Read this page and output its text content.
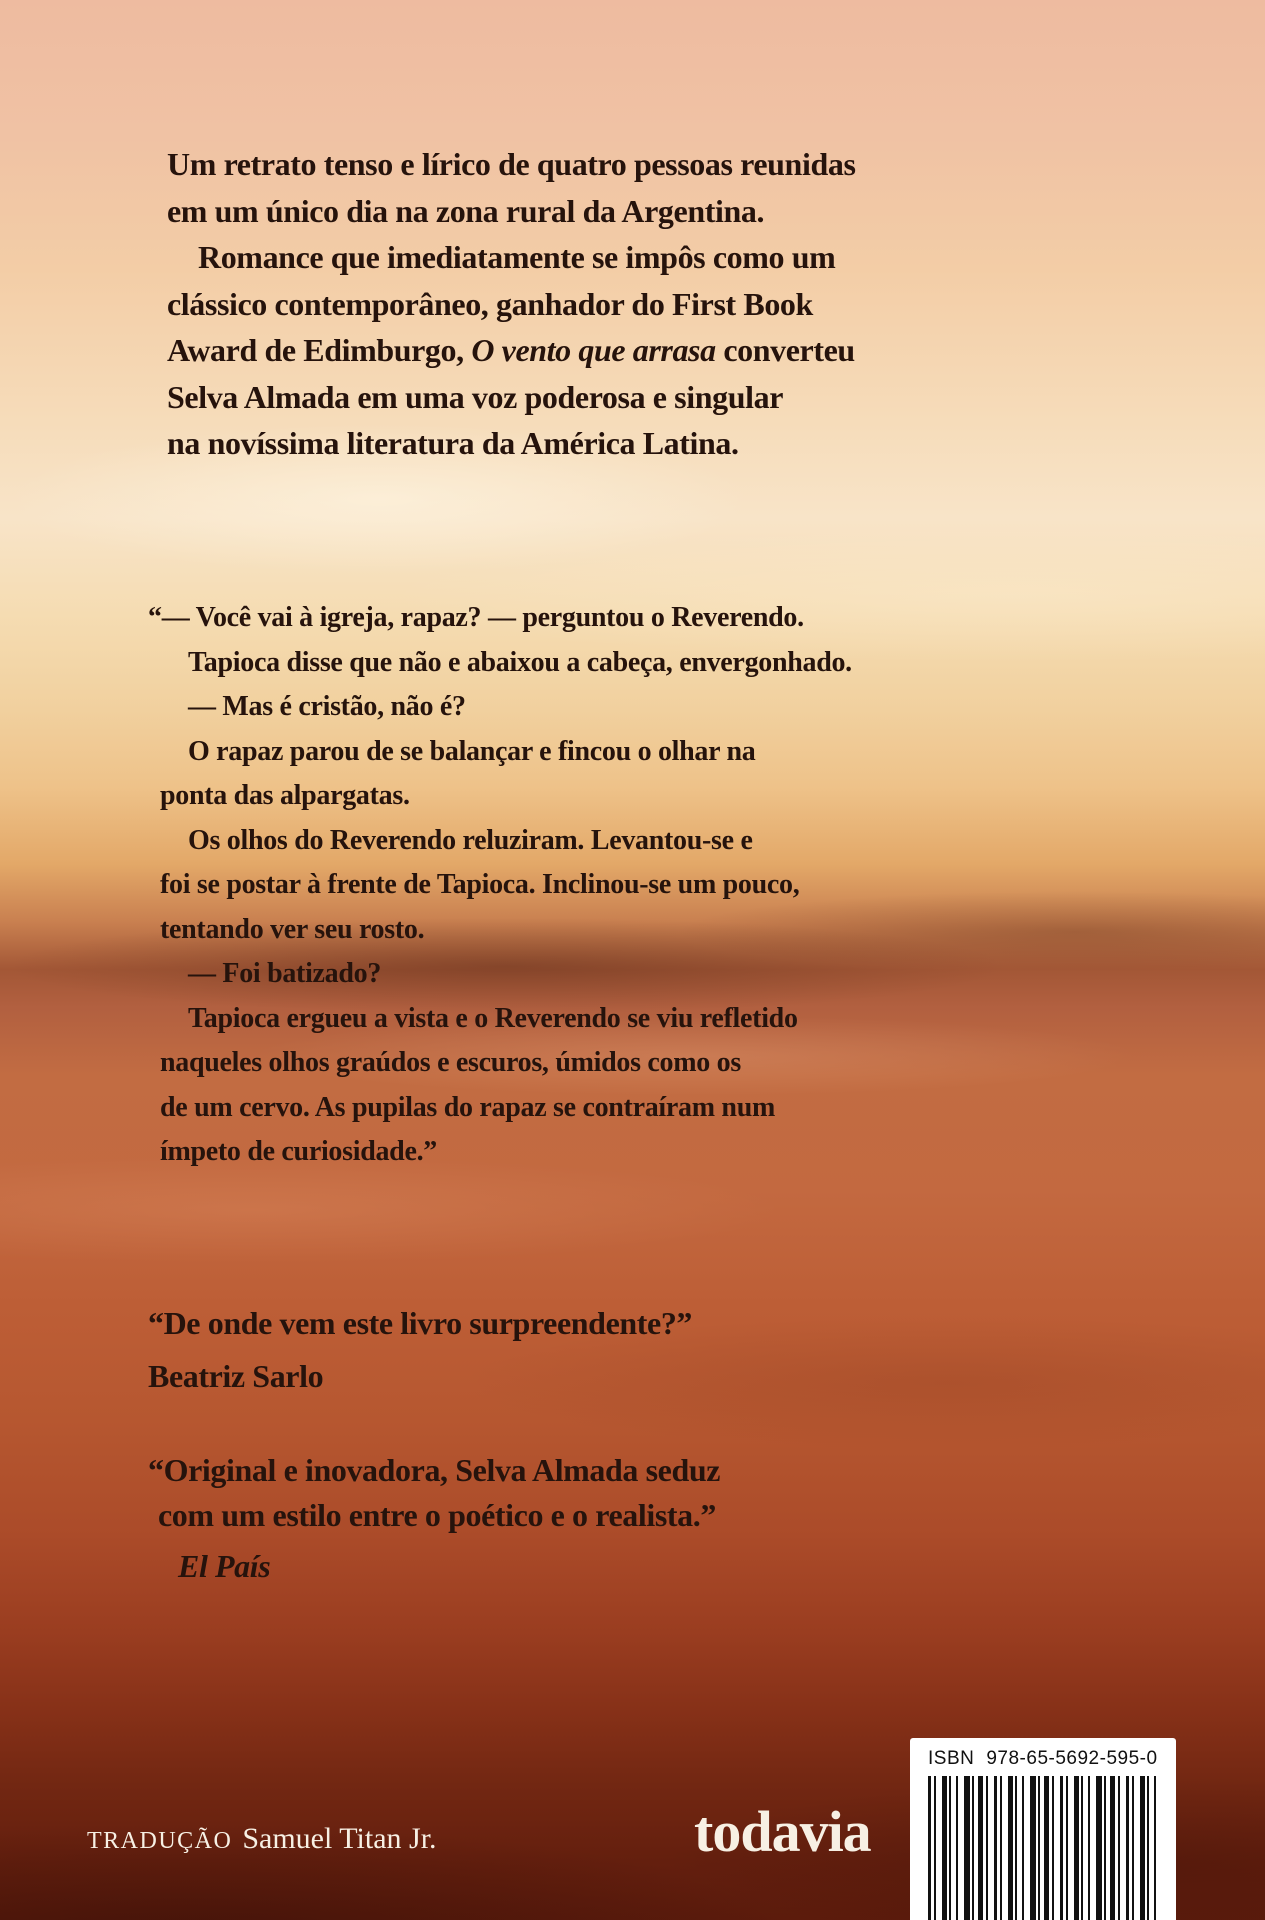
Um retrato tenso e lírico de quatro pessoas reunidas
em um único dia na zona rural da Argentina.
Romance que imediatamente se impôs como um
clássico contemporâneo, ganhador do First Book
Award de Edimburgo, O vento que arrasa converteu
Selva Almada em uma voz poderosa e singular
na novíssima literatura da América Latina.
“— Você vai à igreja, rapaz? — perguntou o Reverendo.
Tapioca disse que não e abaixou a cabeça, envergonhado.
— Mas é cristão, não é?
O rapaz parou de se balançar e fincou o olhar na
ponta das alpargatas.
Os olhos do Reverendo reluziram. Levantou-se e
foi se postar à frente de Tapioca. Inclinou-se um pouco,
tentando ver seu rosto.
— Foi batizado?
Tapioca ergueu a vista e o Reverendo se viu refletido
naqueles olhos graúdos e escuros, úmidos como os
de um cervo. As pupilas do rapaz se contraíram num
ímpeto de curiosidade.”
“De onde vem este livro surpreendente?”
Beatriz Sarlo
“Original e inovadora, Selva Almada seduz
com um estilo entre o poético e o realista.”
El País
TRADUÇÃO Samuel Titan Jr.	todavia
ISBN 978-65-5692-595-0
